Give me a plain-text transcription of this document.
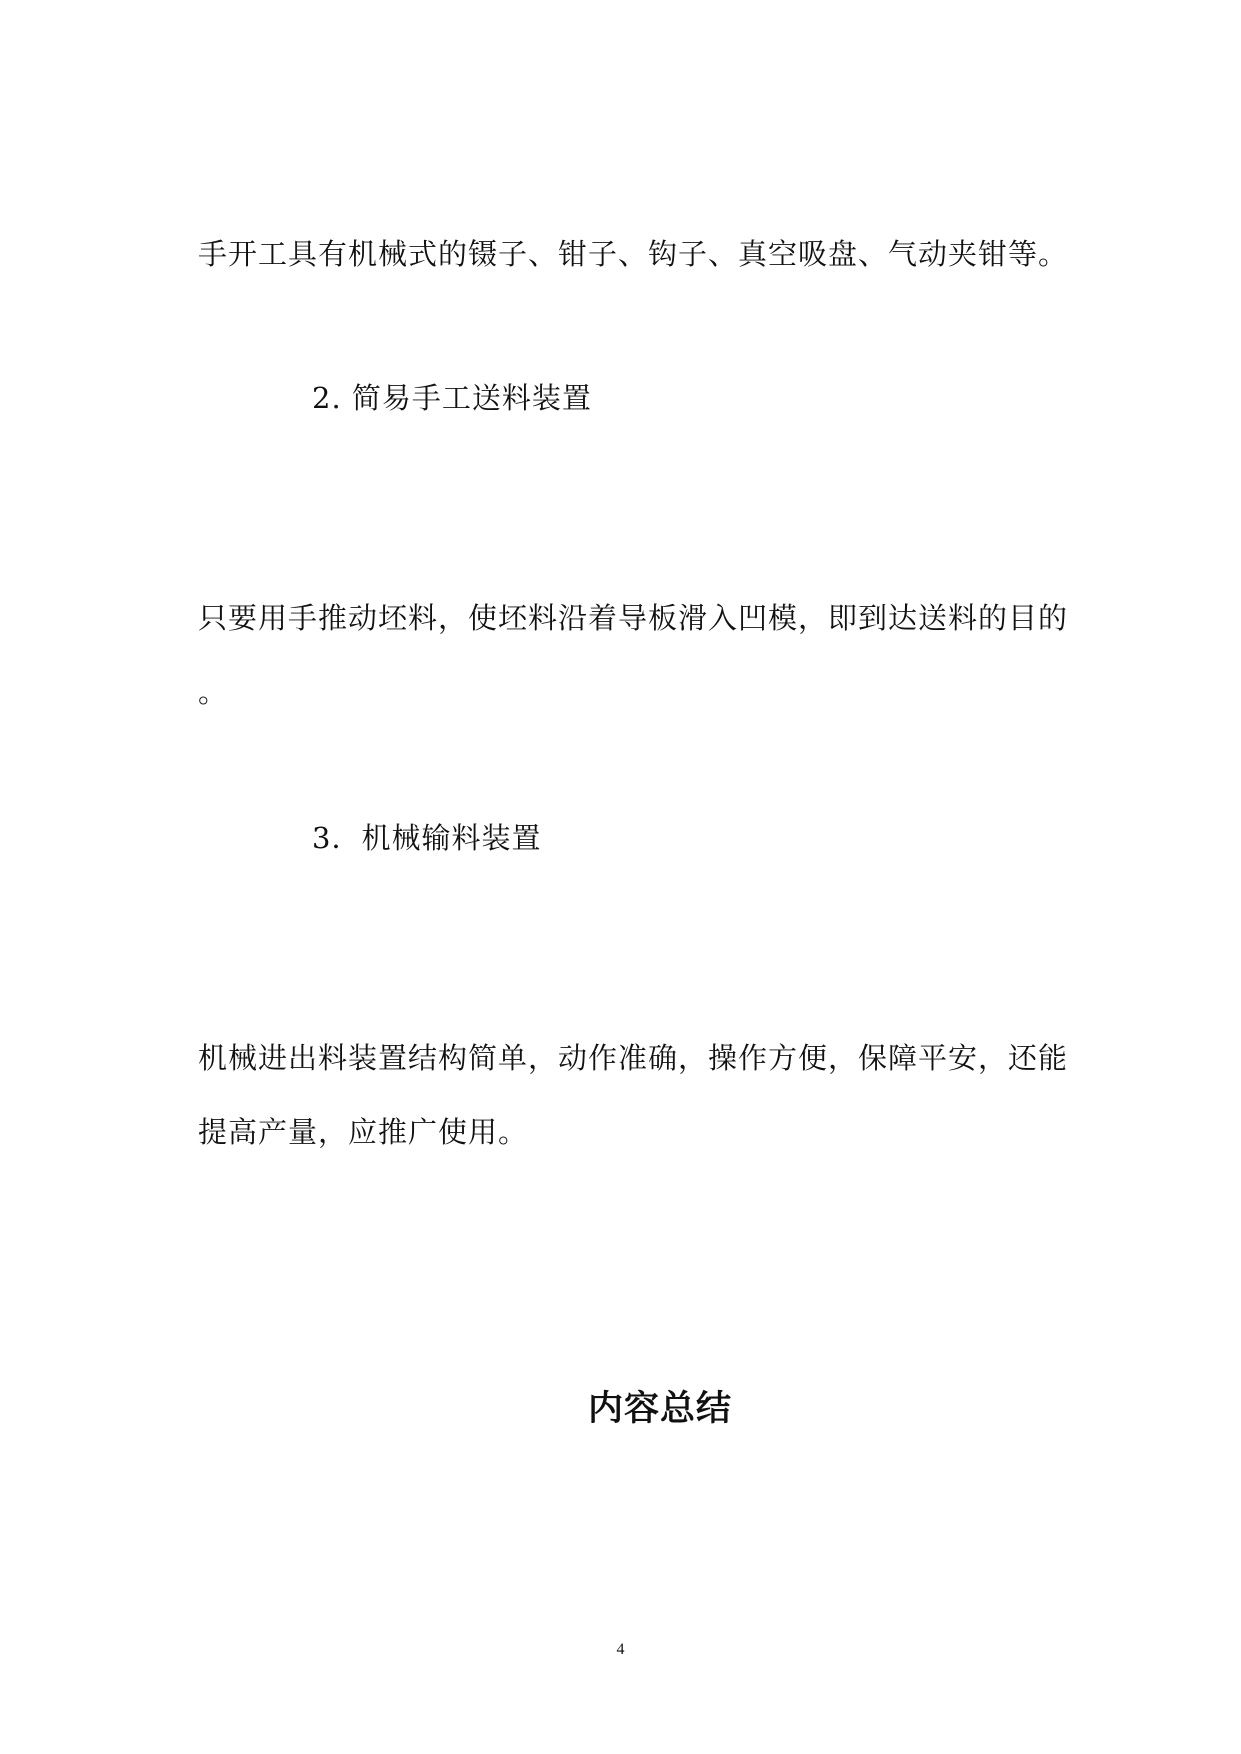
手开工具有机械式的镊子、钳子、钩子、真空吸盘、气动夹钳等。
2. 简易手工送料装置
只要用手推动坯料，使坯料沿着导板滑入凹模，即到达送料的目的
。
3．机械输料装置
机械进出料装置结构简单，动作准确，操作方便，保障平安，还能
提高产量，应推广使用。
内容总结
4
